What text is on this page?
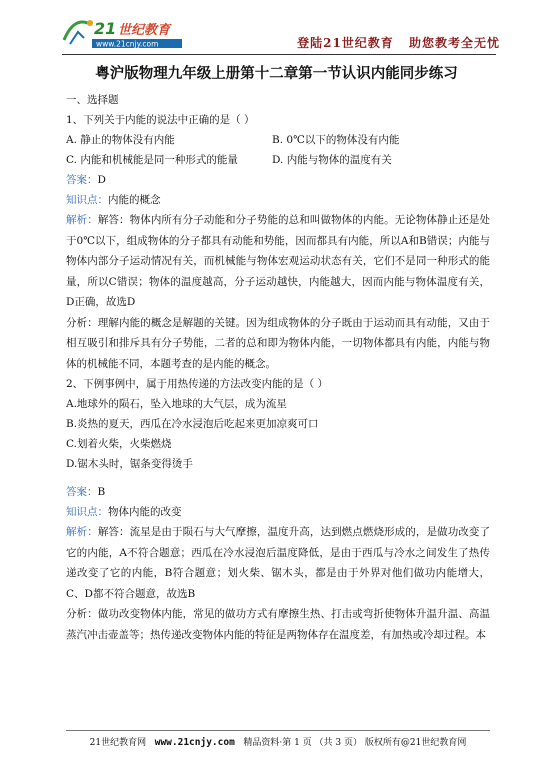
21 世纪教育
www.21cnjy.com	登陆21世纪教育 助您教考全无忧
粤沪版物理九年级上册第十二章第一节认识内能同步练习
一、选择题
1、下列关于内能的说法中正确的是（ ）
A. 静止的物体没有内能	B. 0℃以下的物体没有内能
C. 内能和机械能是同一种形式的能量	D. 内能与物体的温度有关
答案：D
知识点：内能的概念
解析：解答：物体内所有分子动能和分子势能的总和叫做物体的内能。无论物体静止还是处于0℃以下，组成物体的分子都具有动能和势能，因而都具有内能，所以A和B错误；内能与物体内部分子运动情况有关，而机械能与物体宏观运动状态有关，它们不是同一种形式的能量，所以C错误；物体的温度越高，分子运动越快，内能越大，因而内能与物体温度有关，D正确，故选D
分析：理解内能的概念是解题的关键。因为组成物体的分子既由于运动而具有动能，又由于相互吸引和排斥具有分子势能，二者的总和即为物体内能，一切物体都具有内能，内能与物体的机械能不同，本题考查的是内能的概念。
2、下例事例中，属于用热传递的方法改变内能的是（ ）
A.地球外的陨石，坠入地球的大气层，成为流星
B.炎热的夏天，西瓜在冷水浸泡后吃起来更加凉爽可口
C.划着火柴，火柴燃烧
D.锯木头时，锯条变得烫手
答案：B
知识点：物体内能的改变
解析：解答：流星是由于陨石与大气摩擦，温度升高，达到燃点燃烧形成的，是做功改变了它的内能，A不符合题意；西瓜在冷水浸泡后温度降低，是由于西瓜与冷水之间发生了热传递改变了它的内能，B符合题意；划火柴、锯木头，都是由于外界对他们做功内能增大，C、D都不符合题意，故选B
分析：做功改变物体内能，常见的做功方式有摩擦生热、打击或弯折使物体升温升温、高温蒸汽冲击壶盖等；热传递改变物体内能的特征是两物体存在温度差，有加热或冷却过程。本
21世纪教育网 www.21cnjy.com 精品资料·第 1 页 （共 3 页） 版权所有@21世纪教育网
